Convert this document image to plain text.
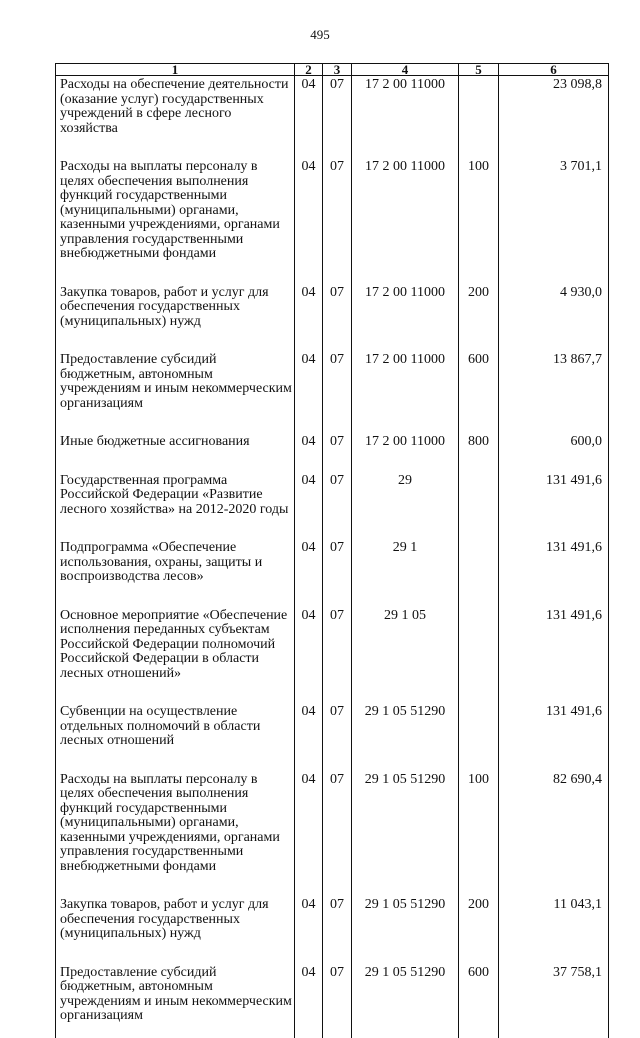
495
1	2	3	4	5	6
Расходы на обеспечение деятельности (оказание услуг) государственных учреждений в сфере лесного хозяйства	04	07	17 2 00 11000		23 098,8
Расходы на выплаты персоналу в целях обеспечения выполнения функций государственными (муниципальными) органами, казенными учреждениями, органами управления государственными внебюджетными фондами	04	07	17 2 00 11000	100	3 701,1
Закупка товаров, работ и услуг для обеспечения государственных (муниципальных) нужд	04	07	17 2 00 11000	200	4 930,0
Предоставление субсидий бюджетным, автономным учреждениям и иным некоммерческим организациям	04	07	17 2 00 11000	600	13 867,7
Иные бюджетные ассигнования	04	07	17 2 00 11000	800	600,0
Государственная программа Российской Федерации «Развитие лесного хозяйства» на 2012-2020 годы	04	07	29		131 491,6
Подпрограмма «Обеспечение использования, охраны, защиты и воспроизводства лесов»	04	07	29 1		131 491,6
Основное мероприятие «Обеспечение исполнения переданных субъектам Российской Федерации полномочий Российской Федерации в области лесных отношений»	04	07	29 1 05		131 491,6
Субвенции на осуществление отдельных полномочий в области лесных отношений	04	07	29 1 05 51290		131 491,6
Расходы на выплаты персоналу в целях обеспечения выполнения функций государственными (муниципальными) органами, казенными учреждениями, органами управления государственными внебюджетными фондами	04	07	29 1 05 51290	100	82 690,4
Закупка товаров, работ и услуг для обеспечения государственных (муниципальных) нужд	04	07	29 1 05 51290	200	11 043,1
Предоставление субсидий бюджетным, автономным учреждениям и иным некоммерческим организациям	04	07	29 1 05 51290	600	37 758,1
